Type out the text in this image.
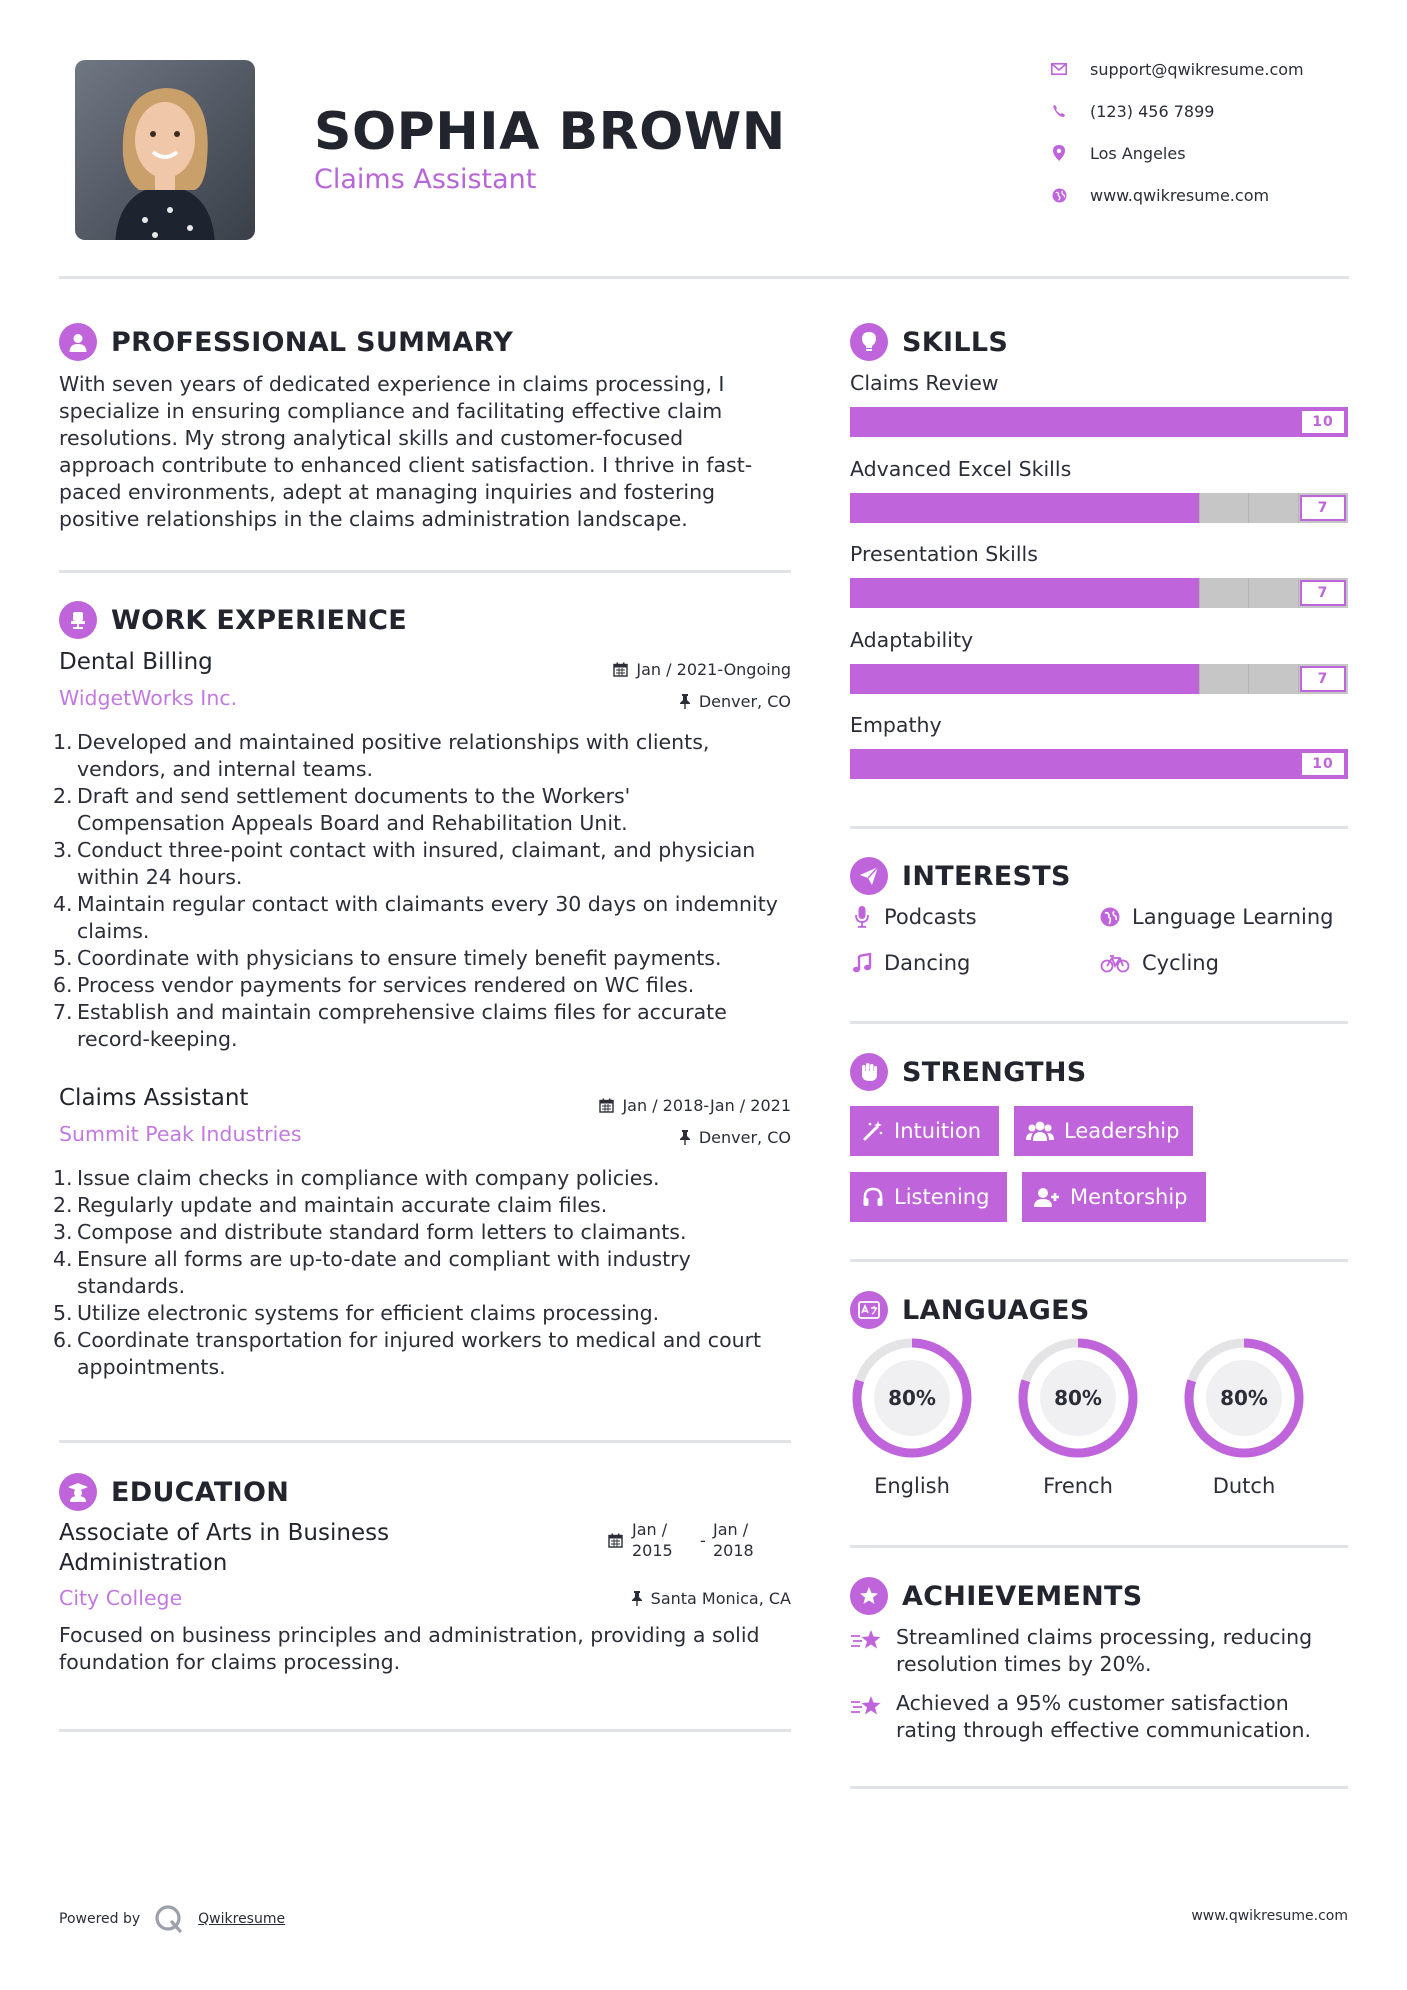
SOPHIA BROWN
Claims Assistant
support@qwikresume.com
(123) 456 7899
Los Angeles
www.qwikresume.com
PROFESSIONAL SUMMARY
With seven years of dedicated experience in claims processing, I
specialize in ensuring compliance and facilitating effective claim
resolutions. My strong analytical skills and customer-focused
approach contribute to enhanced client satisfaction. I thrive in fast-
paced environments, adept at managing inquiries and fostering
positive relationships in the claims administration landscape.
WORK EXPERIENCE
Dental Billing	Jan / 2021-Ongoing
WidgetWorks Inc.	Denver, CO
1. Developed and maintained positive relationships with clients,
vendors, and internal teams.
2. Draft and send settlement documents to the Workers'
Compensation Appeals Board and Rehabilitation Unit.
3. Conduct three-point contact with insured, claimant, and physician
within 24 hours.
4. Maintain regular contact with claimants every 30 days on indemnity
claims.
5. Coordinate with physicians to ensure timely benefit payments.
6. Process vendor payments for services rendered on WC files.
7. Establish and maintain comprehensive claims files for accurate
record-keeping.
Claims Assistant	Jan / 2018-Jan / 2021
Summit Peak Industries	Denver, CO
1. Issue claim checks in compliance with company policies.
2. Regularly update and maintain accurate claim files.
3. Compose and distribute standard form letters to claimants.
4. Ensure all forms are up-to-date and compliant with industry
standards.
5. Utilize electronic systems for efficient claims processing.
6. Coordinate transportation for injured workers to medical and court
appointments.
EDUCATION
Associate of Arts in Business
Administration
Jan /
2015
-
Jan /
2018
City College	Santa Monica, CA
Focused on business principles and administration, providing a solid
foundation for claims processing.
SKILLS
Claims Review
10
Advanced Excel Skills
7
Presentation Skills
7
Adaptability
7
Empathy
10
INTERESTS
Podcasts	Language Learning
Dancing	Cycling
STRENGTHS
Intuition	Leadership
Listening	Mentorship
LANGUAGES
80%
English
80%
French
80%
Dutch
ACHIEVEMENTS
Streamlined claims processing, reducing
resolution times by 20%.
Achieved a 95% customer satisfaction
rating through effective communication.
Powered by	Qwikresume	www.qwikresume.com
